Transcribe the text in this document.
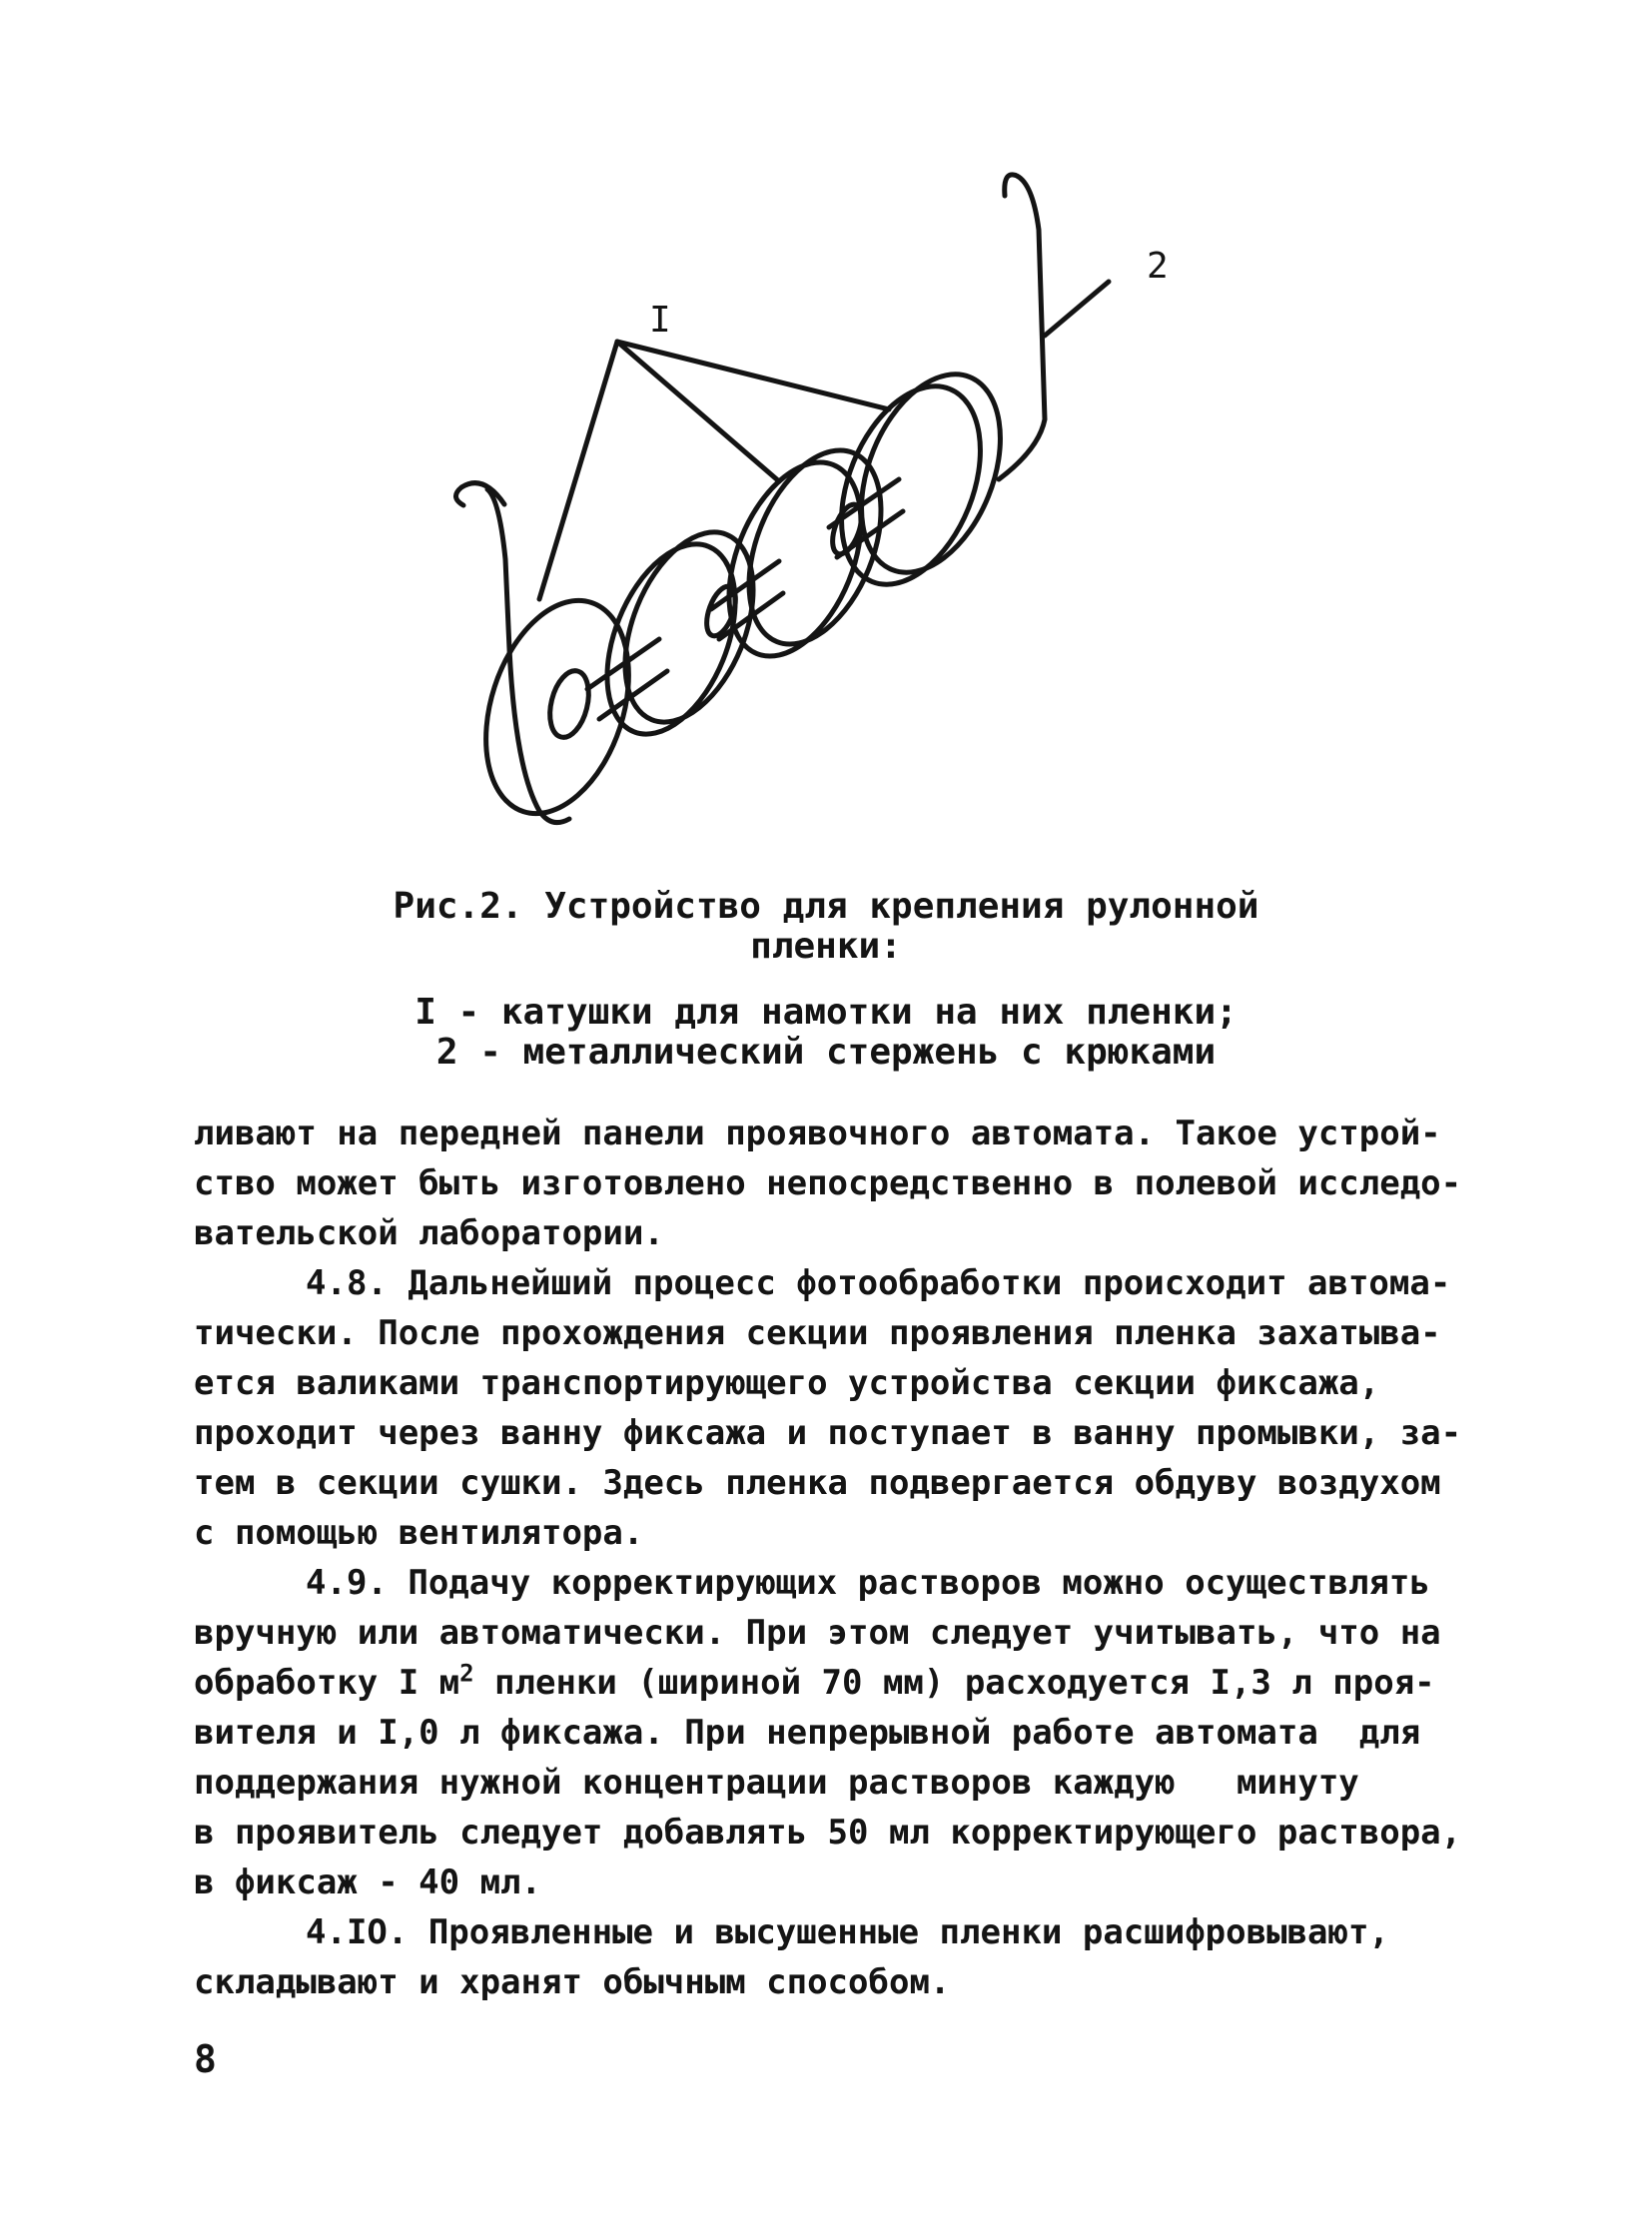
I
2
Рис.2. Устройство для крепления рулонной
пленки:
I - катушки для намотки на них пленки;
2 - металлический стержень с крюками
ливают на передней панели проявочного автомата. Такое устрой-
ство может быть изготовлено непосредственно в полевой исследо-
вательской лаборатории.
4.8. Дальнейший процесс фотообработки происходит автома-
тически. После прохождения секции проявления пленка захатыва-
ется валиками транспортирующего устройства секции фиксажа,
проходит через ванну фиксажа и поступает в ванну промывки, за-
тем в секции сушки. Здесь пленка подвергается обдуву воздухом
с помощью вентилятора.
4.9. Подачу корректирующих растворов можно осуществлять
вручную или автоматически. При этом следует учитывать, что на
обработку I $м^2$ пленки (шириной 70 мм) расходуется I,3 л проя-
вителя и I,0 л фиксажа. При непрерывной работе автомата  для
поддержания нужной концентрации растворов каждую   минуту
в проявитель следует добавлять 50 мл корректирующего раствора,
в фиксаж - 40 мл.
4.IO. Проявленные и высушенные пленки расшифровывают,
складывают и хранят обычным способом.
8
